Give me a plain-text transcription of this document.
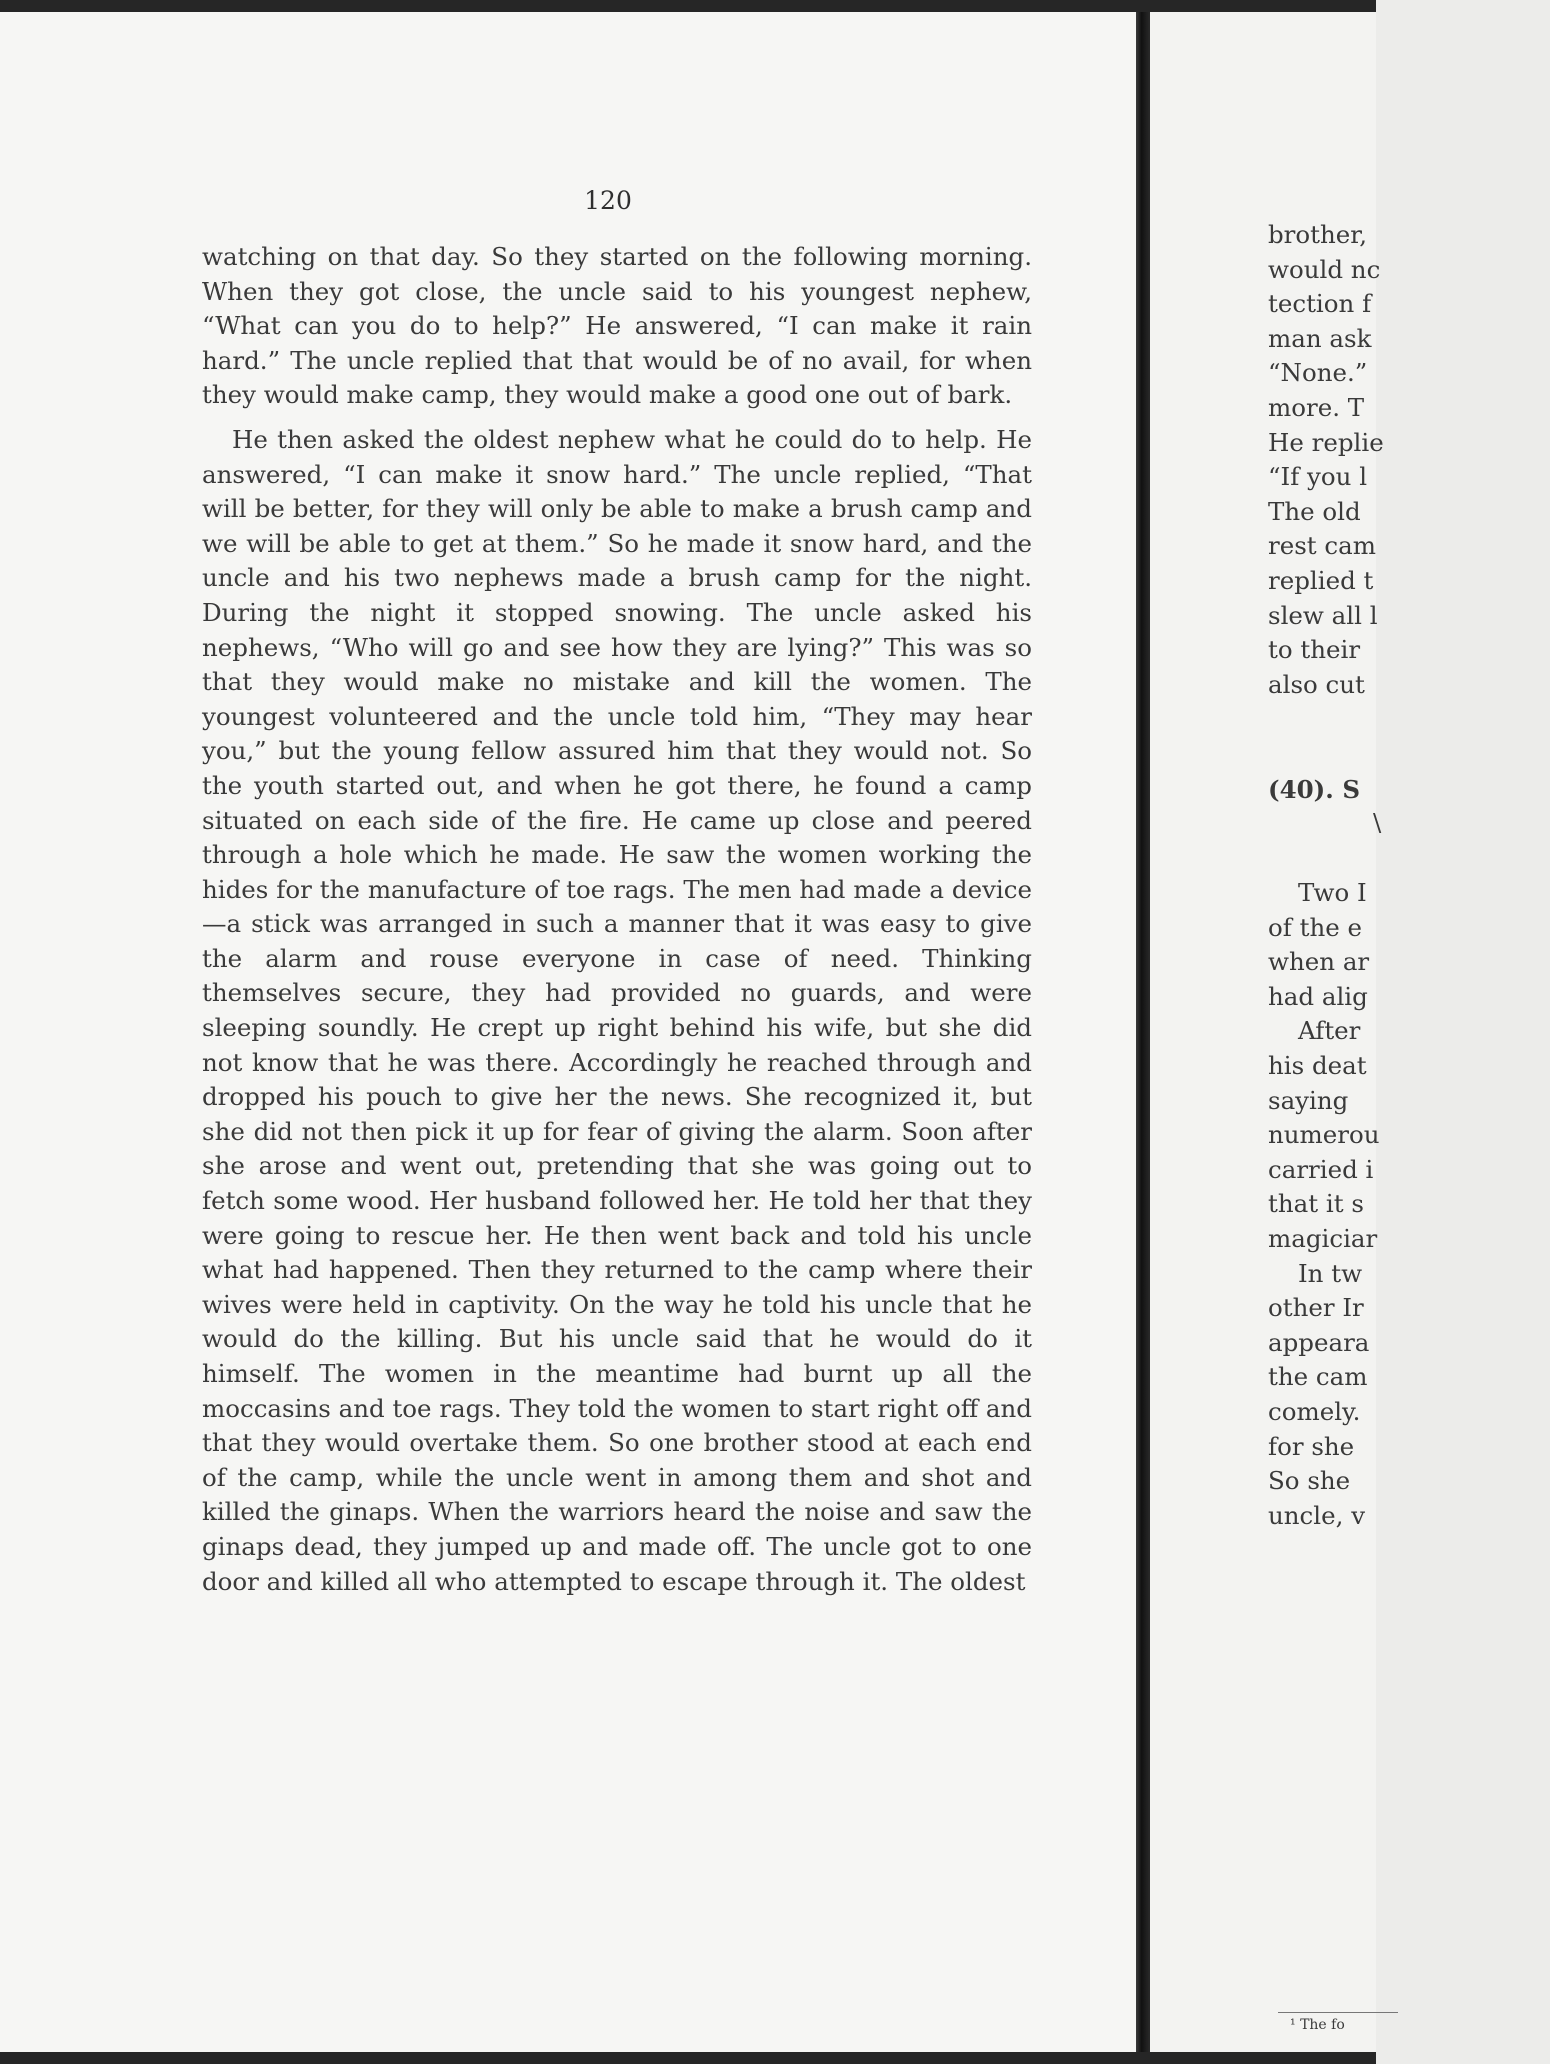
120

watching on that day. So they started on the following morning. When they got close, the uncle said to his youngest nephew, “What can you do to help?” He answered, “I can make it rain hard.” The uncle replied that that would be of no avail, for when they would make camp, they would make a good one out of bark.

He then asked the oldest nephew what he could do to help. He answered, “I can make it snow hard.” The uncle replied, “That will be better, for they will only be able to make a brush camp and we will be able to get at them.” So he made it snow hard, and the uncle and his two nephews made a brush camp for the night. During the night it stopped snowing. The uncle asked his nephews, “Who will go and see how they are lying?” This was so that they would make no mistake and kill the women. The youngest volunteered and the uncle told him, “They may hear you,” but the young fellow assured him that they would not. So the youth started out, and when he got there, he found a camp situated on each side of the fire. He came up close and peered through a hole which he made. He saw the women working the hides for the manufacture of toe rags. The men had made a device—a stick was arranged in such a manner that it was easy to give the alarm and rouse everyone in case of need. Thinking themselves secure, they had provided no guards, and were sleeping soundly. He crept up right behind his wife, but she did not know that he was there. Accordingly he reached through and dropped his pouch to give her the news. She recognized it, but she did not then pick it up for fear of giving the alarm. Soon after she arose and went out, pretending that she was going out to fetch some wood. Her husband followed her. He told her that they were going to rescue her. He then went back and told his uncle what had happened. Then they returned to the camp where their wives were held in captivity. On the way he told his uncle that he would do the killing. But his uncle said that he would do it himself. The women in the meantime had burnt up all the moccasins and toe rags. They told the women to start right off and that they would overtake them. So one brother stood at each end of the camp, while the uncle went in among them and shot and killed the ginaps. When the warriors heard the noise and saw the ginaps dead, they jumped up and made off. The uncle got to one door and killed all who attempted to escape through it. The oldest

brother,
would nc
tection f
man ask
“None.”
more. T
He replie
“If you l
The old
rest cam
replied t
slew all l
to their
also cut
(40). S
\
Two I
of the e
when ar
had alig
After
his deat
saying
numerou
carried i
that it s
magiciar
In tw
other Ir
appeara
the cam
comely.
for she
So she
uncle, v
¹ The fo
